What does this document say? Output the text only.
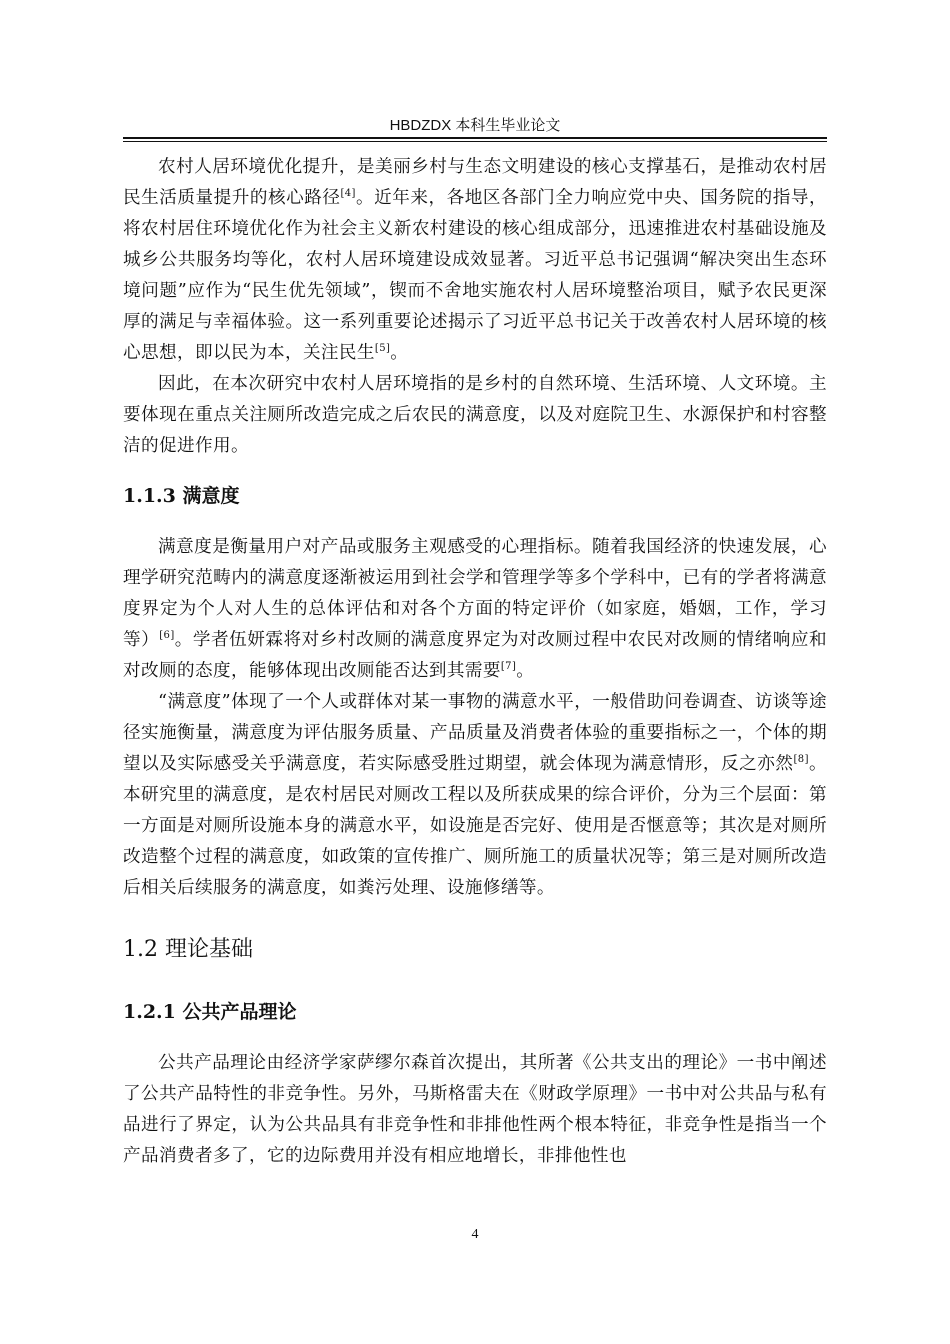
HBDZDX 本科生毕业论文

农村人居环境优化提升，是美丽乡村与生态文明建设的核心支撑基石，是推动农村居民生活质量提升的核心路径[4]。近年来，各地区各部门全力响应党中央、国务院的指导，将农村居住环境优化作为社会主义新农村建设的核心组成部分，迅速推进农村基础设施及城乡公共服务均等化，农村人居环境建设成效显著。习近平总书记强调“解决突出生态环境问题”应作为“民生优先领域”，锲而不舍地实施农村人居环境整治项目，赋予农民更深厚的满足与幸福体验。这一系列重要论述揭示了习近平总书记关于改善农村人居环境的核心思想，即以民为本，关注民生[5]。

因此，在本次研究中农村人居环境指的是乡村的自然环境、生活环境、人文环境。主要体现在重点关注厕所改造完成之后农民的满意度，以及对庭院卫生、水源保护和村容整洁的促进作用。

1.1.3 满意度

满意度是衡量用户对产品或服务主观感受的心理指标。随着我国经济的快速发展，心理学研究范畴内的满意度逐渐被运用到社会学和管理学等多个学科中，已有的学者将满意度界定为个人对人生的总体评估和对各个方面的特定评价（如家庭，婚姻，工作，学习等）[6]。学者伍妍霖将对乡村改厕的满意度界定为对改厕过程中农民对改厕的情绪响应和对改厕的态度，能够体现出改厕能否达到其需要[7]。

“满意度”体现了一个人或群体对某一事物的满意水平，一般借助问卷调查、访谈等途径实施衡量，满意度为评估服务质量、产品质量及消费者体验的重要指标之一，个体的期望以及实际感受关乎满意度，若实际感受胜过期望，就会体现为满意情形，反之亦然[8]。本研究里的满意度，是农村居民对厕改工程以及所获成果的综合评价，分为三个层面：第一方面是对厕所设施本身的满意水平，如设施是否完好、使用是否惬意等；其次是对厕所改造整个过程的满意度，如政策的宣传推广、厕所施工的质量状况等；第三是对厕所改造后相关后续服务的满意度，如粪污处理、设施修缮等。

1.2 理论基础
1.2.1 公共产品理论

公共产品理论由经济学家萨缪尔森首次提出，其所著《公共支出的理论》一书中阐述了公共产品特性的非竞争性。另外，马斯格雷夫在《财政学原理》一书中对公共品与私有品进行了界定，认为公共品具有非竞争性和非排他性两个根本特征，非竞争性是指当一个产品消费者多了，它的边际费用并没有相应地增长，非排他性也

4
